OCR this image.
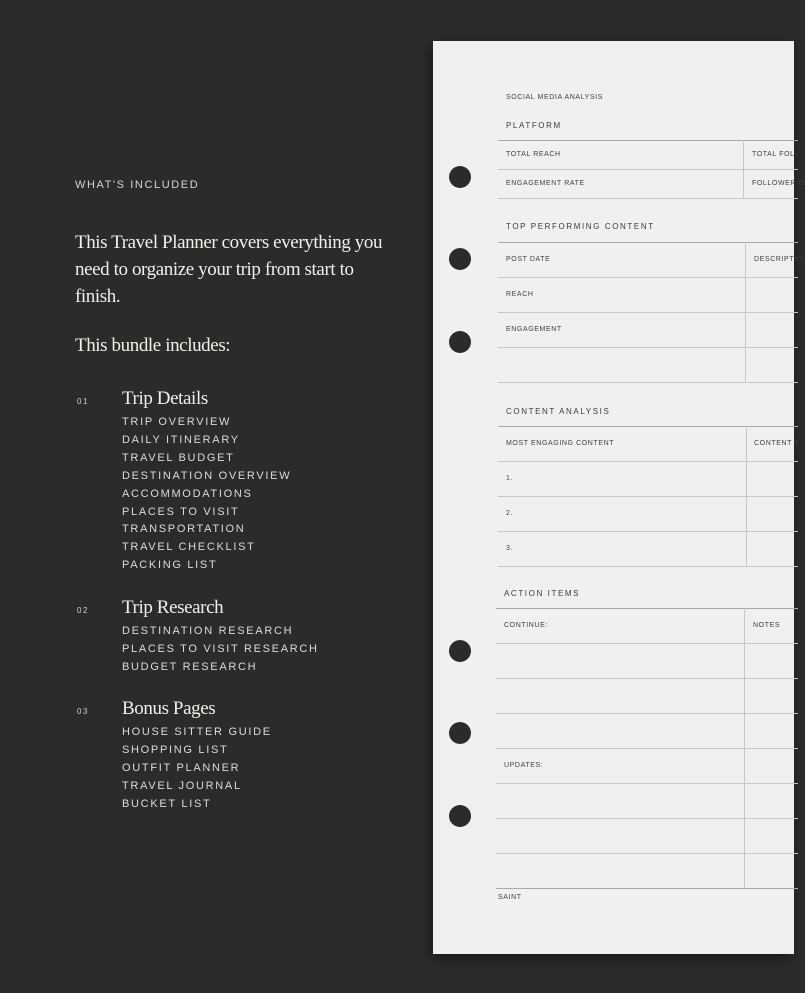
WHAT'S INCLUDED
This Travel Planner covers everything you need to organize your trip from start to finish.
This bundle includes:
01 Trip Details
TRIP OVERVIEW
DAILY ITINERARY
TRAVEL BUDGET
DESTINATION OVERVIEW
ACCOMMODATIONS
PLACES TO VISIT
TRANSPORTATION
TRAVEL CHECKLIST
PACKING LIST
02 Trip Research
DESTINATION RESEARCH
PLACES TO VISIT RESEARCH
BUDGET RESEARCH
03 Bonus Pages
HOUSE SITTER GUIDE
SHOPPING LIST
OUTFIT PLANNER
TRAVEL JOURNAL
BUCKET LIST
SOCIAL MEDIA ANALYSIS
PLATFORM
TOTAL REACH	TOTAL FOLL
ENGAGEMENT RATE	FOLLOWER G
TOP PERFORMING CONTENT
POST DATE	DESCRIPTIO
REACH
ENGAGEMENT
CONTENT ANALYSIS
MOST ENGAGING CONTENT	CONTENT T
1.
2.
3.
ACTION ITEMS
CONTINUE:	NOTES
UPDATES:
SAINT
